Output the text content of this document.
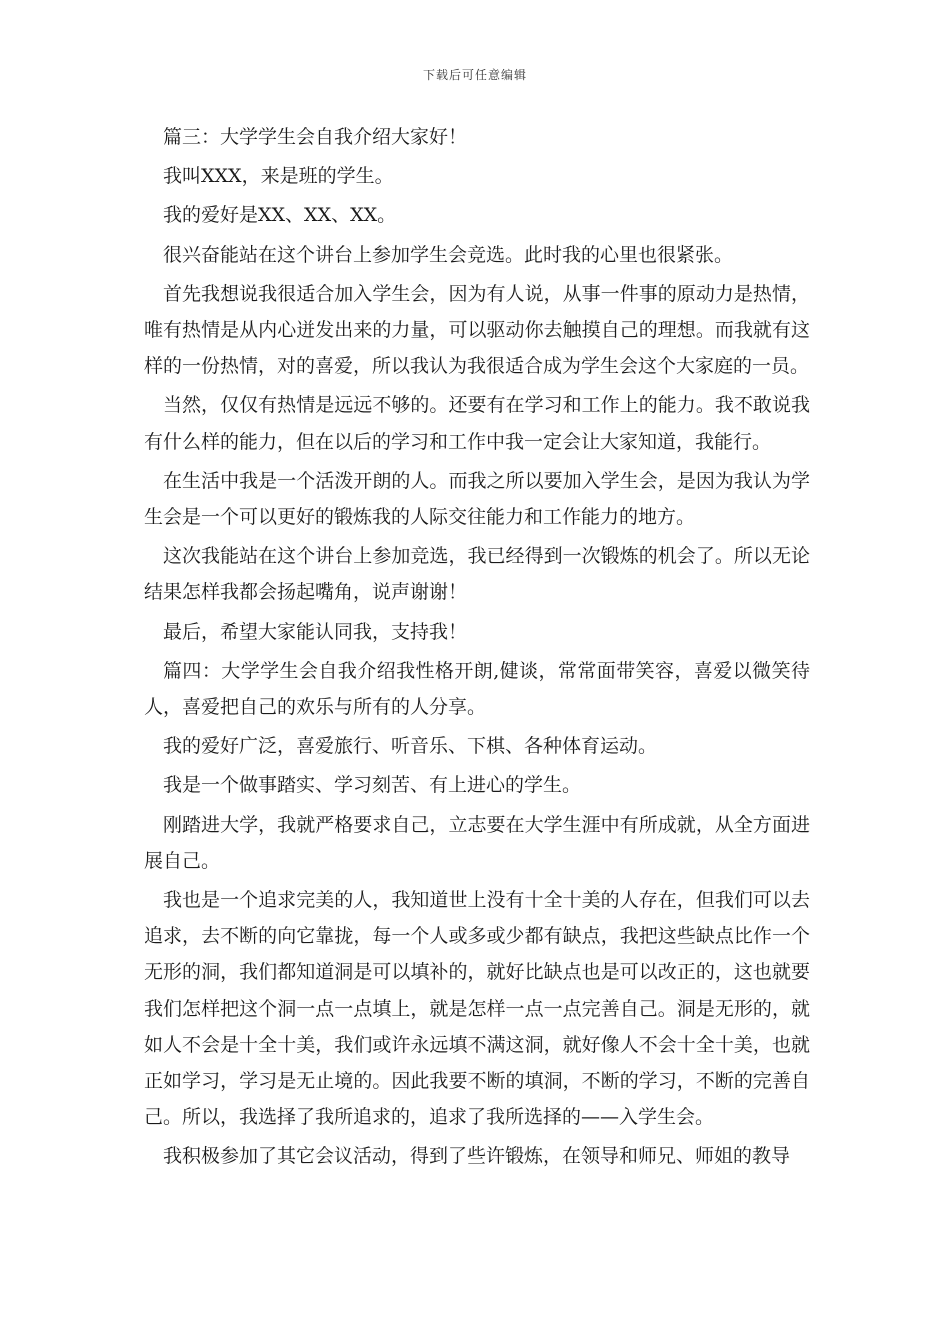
下载后可任意编辑

篇三：大学学生会自我介绍大家好！

我叫XXX，来是班的学生。

我的爱好是XX、XX、XX。

很兴奋能站在这个讲台上参加学生会竞选。此时我的心里也很紧张。

首先我想说我很适合加入学生会，因为有人说，从事一件事的原动力是热情，唯有热情是从内心迸发出来的力量，可以驱动你去触摸自己的理想。而我就有这样的一份热情，对的喜爱，所以我认为我很适合成为学生会这个大家庭的一员。

当然，仅仅有热情是远远不够的。还要有在学习和工作上的能力。我不敢说我有什么样的能力，但在以后的学习和工作中我一定会让大家知道，我能行。

在生活中我是一个活泼开朗的人。而我之所以要加入学生会，是因为我认为学生会是一个可以更好的锻炼我的人际交往能力和工作能力的地方。

这次我能站在这个讲台上参加竞选，我已经得到一次锻炼的机会了。所以无论结果怎样我都会扬起嘴角，说声谢谢！

最后，希望大家能认同我，支持我！

篇四：大学学生会自我介绍我性格开朗,健谈，常常面带笑容，喜爱以微笑待人，喜爱把自己的欢乐与所有的人分享。

我的爱好广泛，喜爱旅行、听音乐、下棋、各种体育运动。

我是一个做事踏实、学习刻苦、有上进心的学生。

刚踏进大学，我就严格要求自己，立志要在大学生涯中有所成就，从全方面进展自己。

我也是一个追求完美的人，我知道世上没有十全十美的人存在，但我们可以去追求，去不断的向它靠拢，每一个人或多或少都有缺点，我把这些缺点比作一个无形的洞，我们都知道洞是可以填补的，就好比缺点也是可以改正的，这也就要我们怎样把这个洞一点一点填上，就是怎样一点一点完善自己。洞是无形的，就如人不会是十全十美，我们或许永远填不满这洞，就好像人不会十全十美，也就正如学习，学习是无止境的。因此我要不断的填洞，不断的学习，不断的完善自己。所以，我选择了我所追求的，追求了我所选择的——入学生会。

我积极参加了其它会议活动，得到了些许锻炼，在领导和师兄、师姐的教导
